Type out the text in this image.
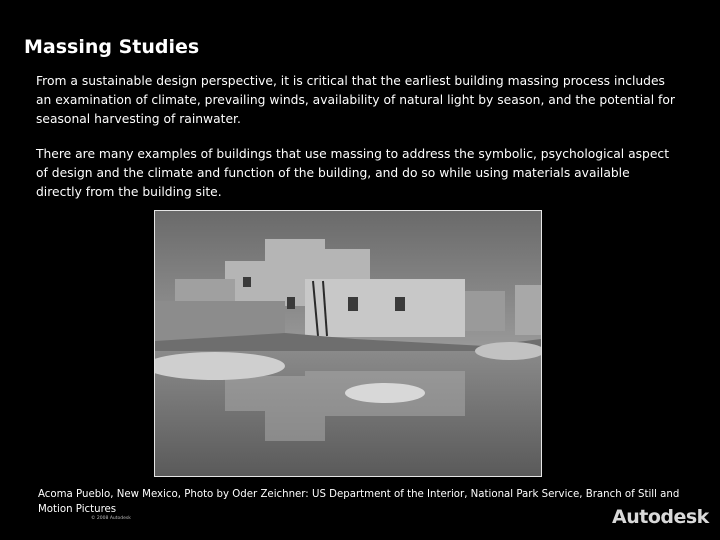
Massing Studies

From a sustainable design perspective, it is critical that the earliest building massing process includes an examination of climate, prevailing winds, availability of natural light by season, and the potential for seasonal harvesting of rainwater.

There are many examples of buildings that use massing to address the symbolic, psychological aspect of design and the climate and function of the building, and do so while using materials available directly from the building site.

Acoma Pueblo, New Mexico, Photo by Oder Zeichner: US Department of the Interior, National Park Service, Branch of Still and Motion Pictures

© 2008 Autodesk	Autodesk
